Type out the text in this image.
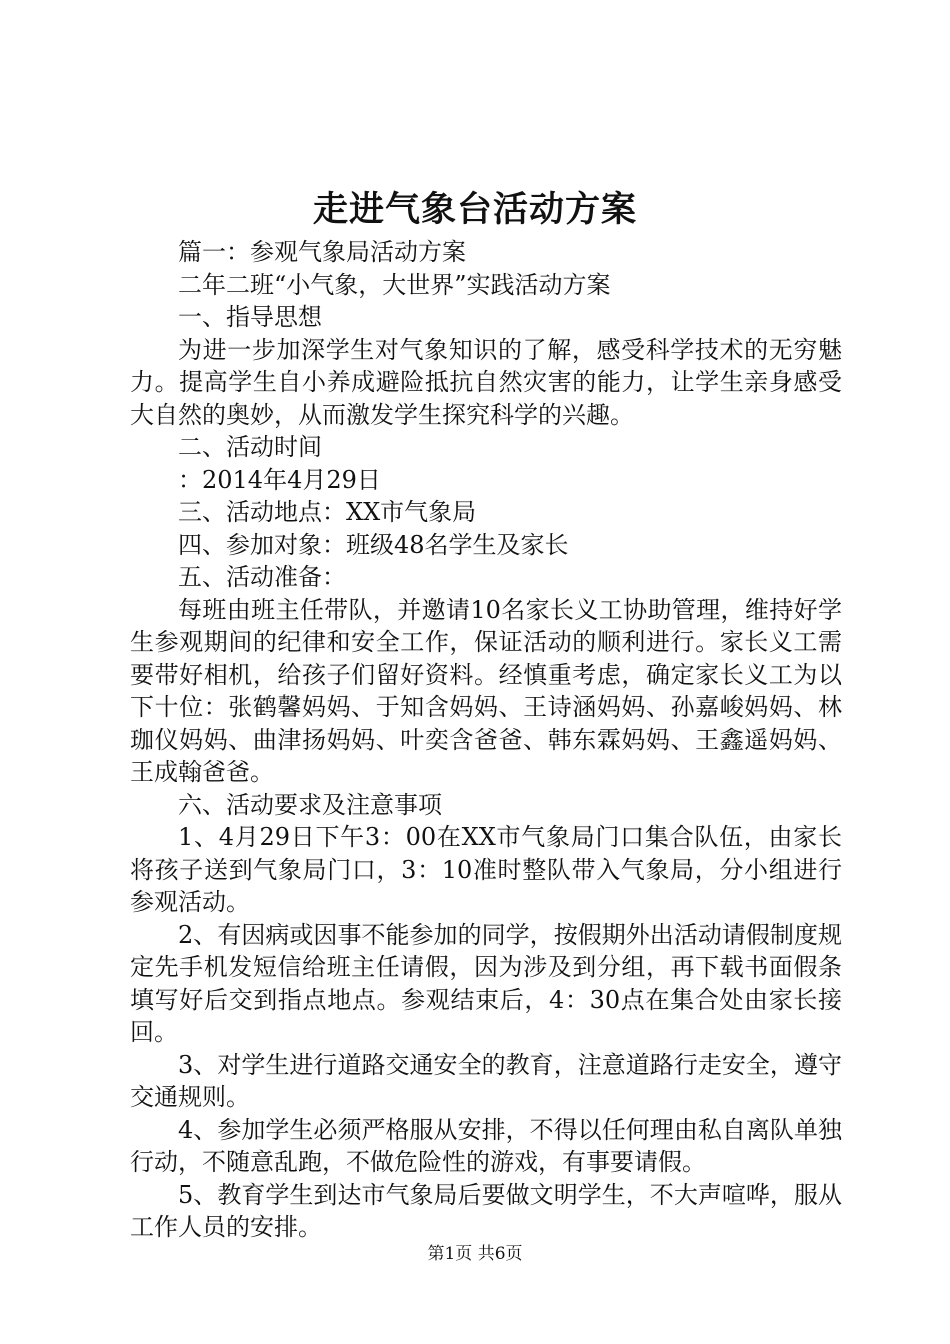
走进气象台活动方案

篇一：参观气象局活动方案

二年二班“小气象，大世界”实践活动方案

一、指导思想

为进一步加深学生对气象知识的了解，感受科学技术的无穷魅力。提高学生自小养成避险抵抗自然灾害的能力，让学生亲身感受大自然的奥妙，从而激发学生探究科学的兴趣。

二、活动时间

：2014年4月29日

三、活动地点：XX市气象局

四、参加对象：班级48名学生及家长

五、活动准备：

每班由班主任带队，并邀请10名家长义工协助管理，维持好学生参观期间的纪律和安全工作，保证活动的顺利进行。家长义工需要带好相机，给孩子们留好资料。经慎重考虑，确定家长义工为以下十位：张鹤馨妈妈、于知含妈妈、王诗涵妈妈、孙嘉峻妈妈、林珈仪妈妈、曲津扬妈妈、叶奕含爸爸、韩东霖妈妈、王鑫遥妈妈、王成翰爸爸。

六、活动要求及注意事项

1、4月29日下午3：00在XX市气象局门口集合队伍，由家长将孩子送到气象局门口，3：10准时整队带入气象局，分小组进行参观活动。

2、有因病或因事不能参加的同学，按假期外出活动请假制度规定先手机发短信给班主任请假，因为涉及到分组，再下载书面假条填写好后交到指点地点。参观结束后，4：30点在集合处由家长接回。

3、对学生进行道路交通安全的教育，注意道路行走安全，遵守交通规则。

4、参加学生必须严格服从安排，不得以任何理由私自离队单独行动，不随意乱跑，不做危险性的游戏，有事要请假。

5、教育学生到达市气象局后要做文明学生，不大声喧哗，服从工作人员的安排。

第1页 共6页
